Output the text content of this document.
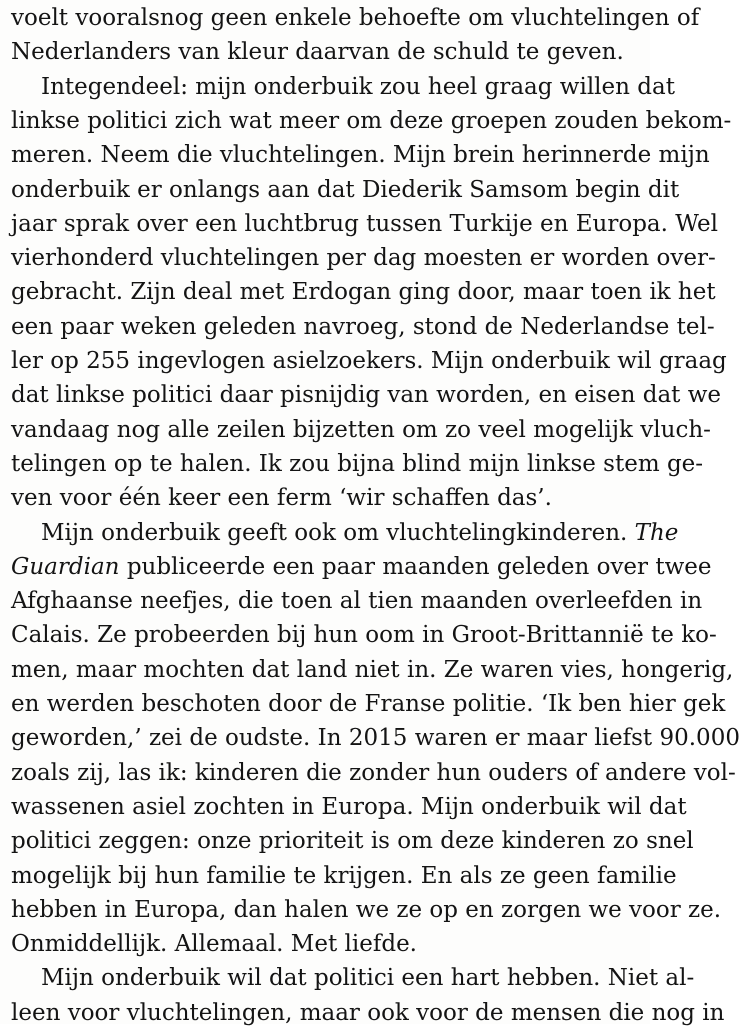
voelt vooralsnog geen enkele behoefte om vluchtelingen of
Nederlanders van kleur daarvan de schuld te geven.
Integendeel: mijn onderbuik zou heel graag willen dat
linkse politici zich wat meer om deze groepen zouden bekom-
meren. Neem die vluchtelingen. Mijn brein herinnerde mijn
onderbuik er onlangs aan dat Diederik Samsom begin dit
jaar sprak over een luchtbrug tussen Turkije en Europa. Wel
vierhonderd vluchtelingen per dag moesten er worden over-
gebracht. Zijn deal met Erdogan ging door, maar toen ik het
een paar weken geleden navroeg, stond de Nederlandse tel-
ler op 255 ingevlogen asielzoekers. Mijn onderbuik wil graag
dat linkse politici daar pisnijdig van worden, en eisen dat we
vandaag nog alle zeilen bijzetten om zo veel mogelijk vluch-
telingen op te halen. Ik zou bijna blind mijn linkse stem ge-
ven voor één keer een ferm ‘wir schaffen das’.
Mijn onderbuik geeft ook om vluchtelingkinderen. The
Guardian publiceerde een paar maanden geleden over twee
Afghaanse neefjes, die toen al tien maanden overleefden in
Calais. Ze probeerden bij hun oom in Groot-Brittannië te ko-
men, maar mochten dat land niet in. Ze waren vies, hongerig,
en werden beschoten door de Franse politie. ‘Ik ben hier gek
geworden,’ zei de oudste. In 2015 waren er maar liefst 90.000
zoals zij, las ik: kinderen die zonder hun ouders of andere vol-
wassenen asiel zochten in Europa. Mijn onderbuik wil dat
politici zeggen: onze prioriteit is om deze kinderen zo snel
mogelijk bij hun familie te krijgen. En als ze geen familie
hebben in Europa, dan halen we ze op en zorgen we voor ze.
Onmiddellijk. Allemaal. Met liefde.
Mijn onderbuik wil dat politici een hart hebben. Niet al-
leen voor vluchtelingen, maar ook voor de mensen die nog in
